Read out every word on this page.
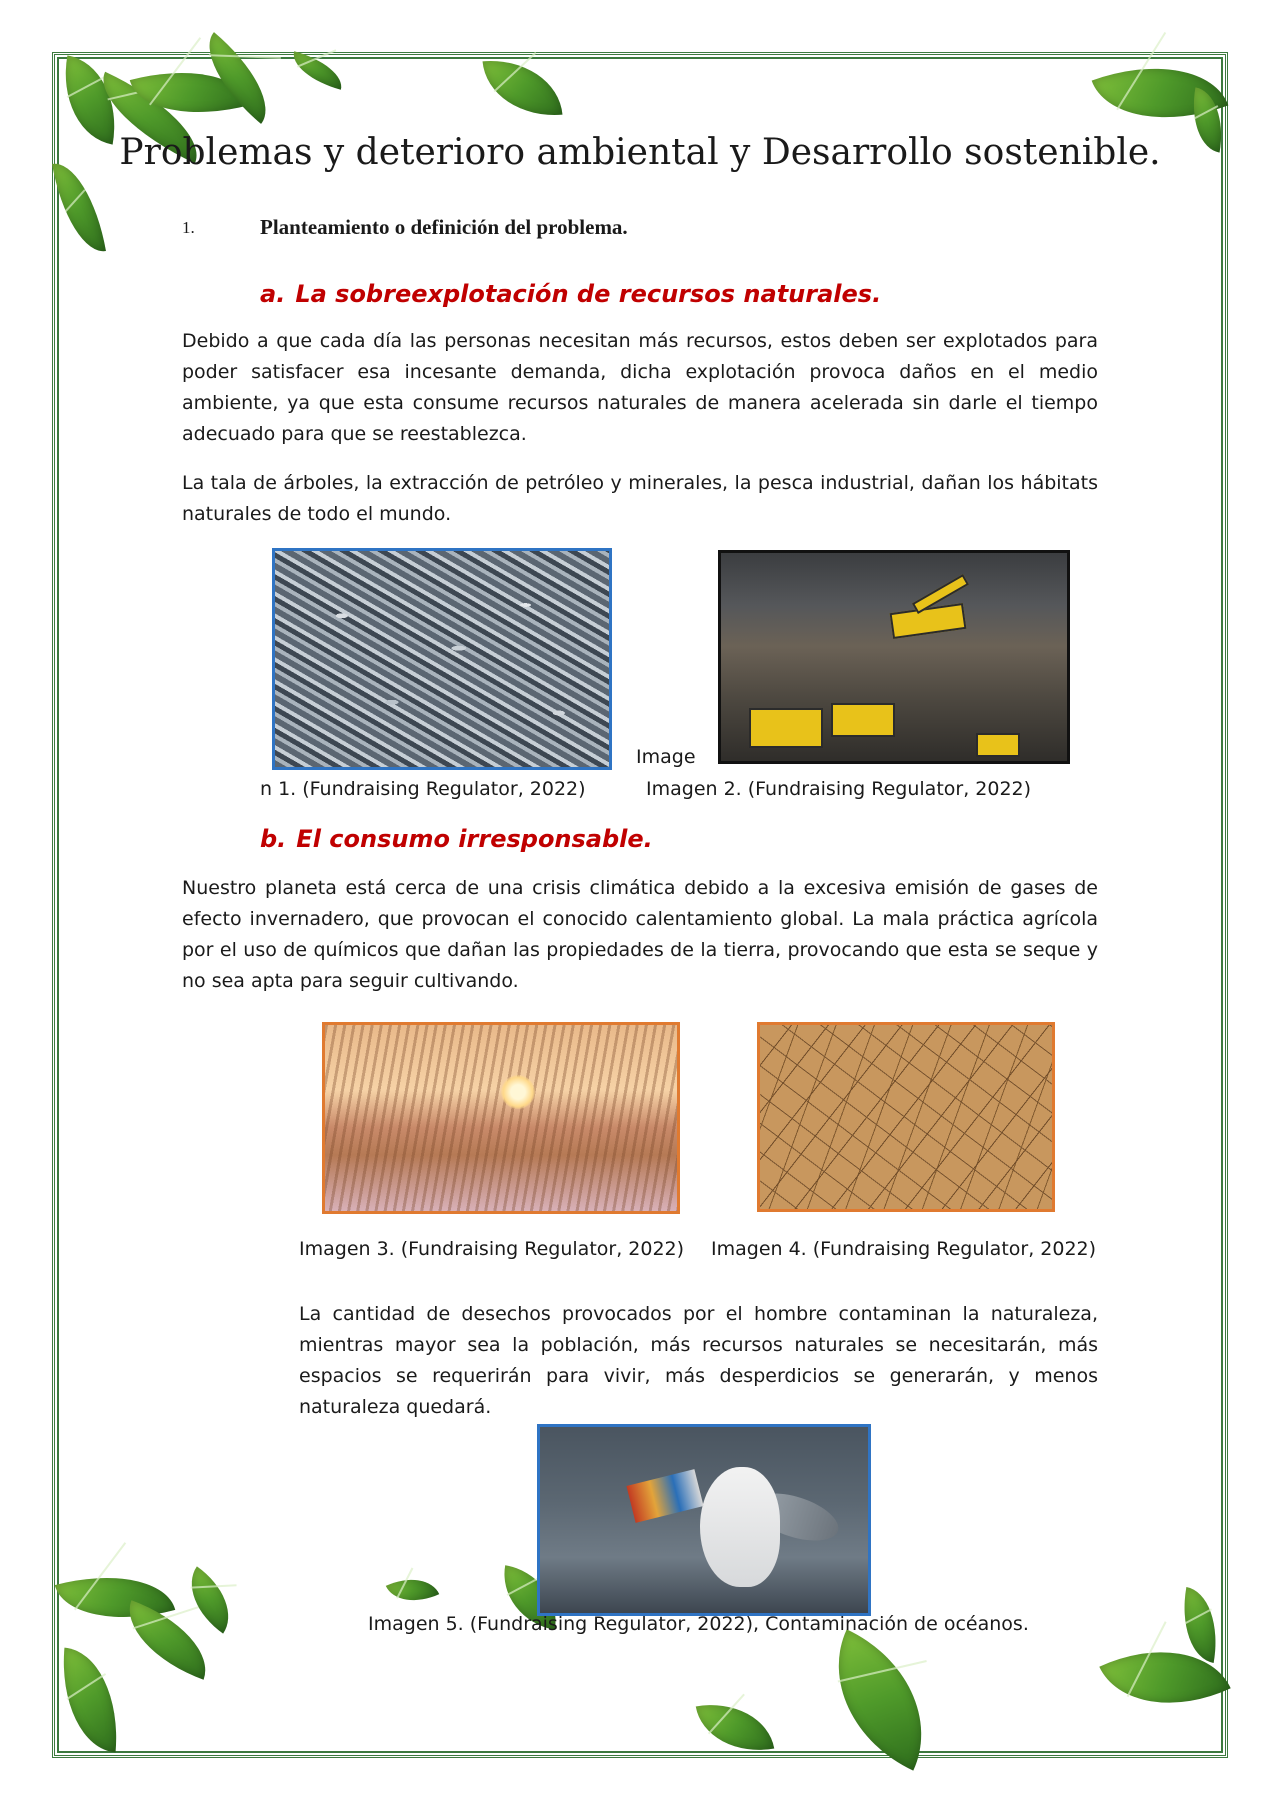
Problemas y deterioro ambiental y Desarrollo sostenible.
1.	Planteamiento o definición del problema.
a. La sobreexplotación de recursos naturales.
Debido a que cada día las personas necesitan más recursos, estos deben ser explotados para poder satisfacer esa incesante demanda, dicha explotación provoca daños en el medio ambiente, ya que esta consume recursos naturales de manera acelerada sin darle el tiempo adecuado para que se reestablezca.
La tala de árboles, la extracción de petróleo y minerales, la pesca industrial, dañan los hábitats naturales de todo el mundo.
Image
n 1. (Fundraising Regulator, 2022)	Imagen 2. (Fundraising Regulator, 2022)
b. El consumo irresponsable.
Nuestro planeta está cerca de una crisis climática debido a la excesiva emisión de gases de efecto invernadero, que provocan el conocido calentamiento global. La mala práctica agrícola por el uso de químicos que dañan las propiedades de la tierra, provocando que esta se seque y no sea apta para seguir cultivando.
Imagen 3. (Fundraising Regulator, 2022) Imagen 4. (Fundraising Regulator, 2022)
La cantidad de desechos provocados por el hombre contaminan la naturaleza, mientras mayor sea la población, más recursos naturales se necesitarán, más espacios se requerirán para vivir, más desperdicios se generarán, y menos naturaleza quedará.
Imagen 5. (Fundraising Regulator, 2022), Contaminación de océanos.
